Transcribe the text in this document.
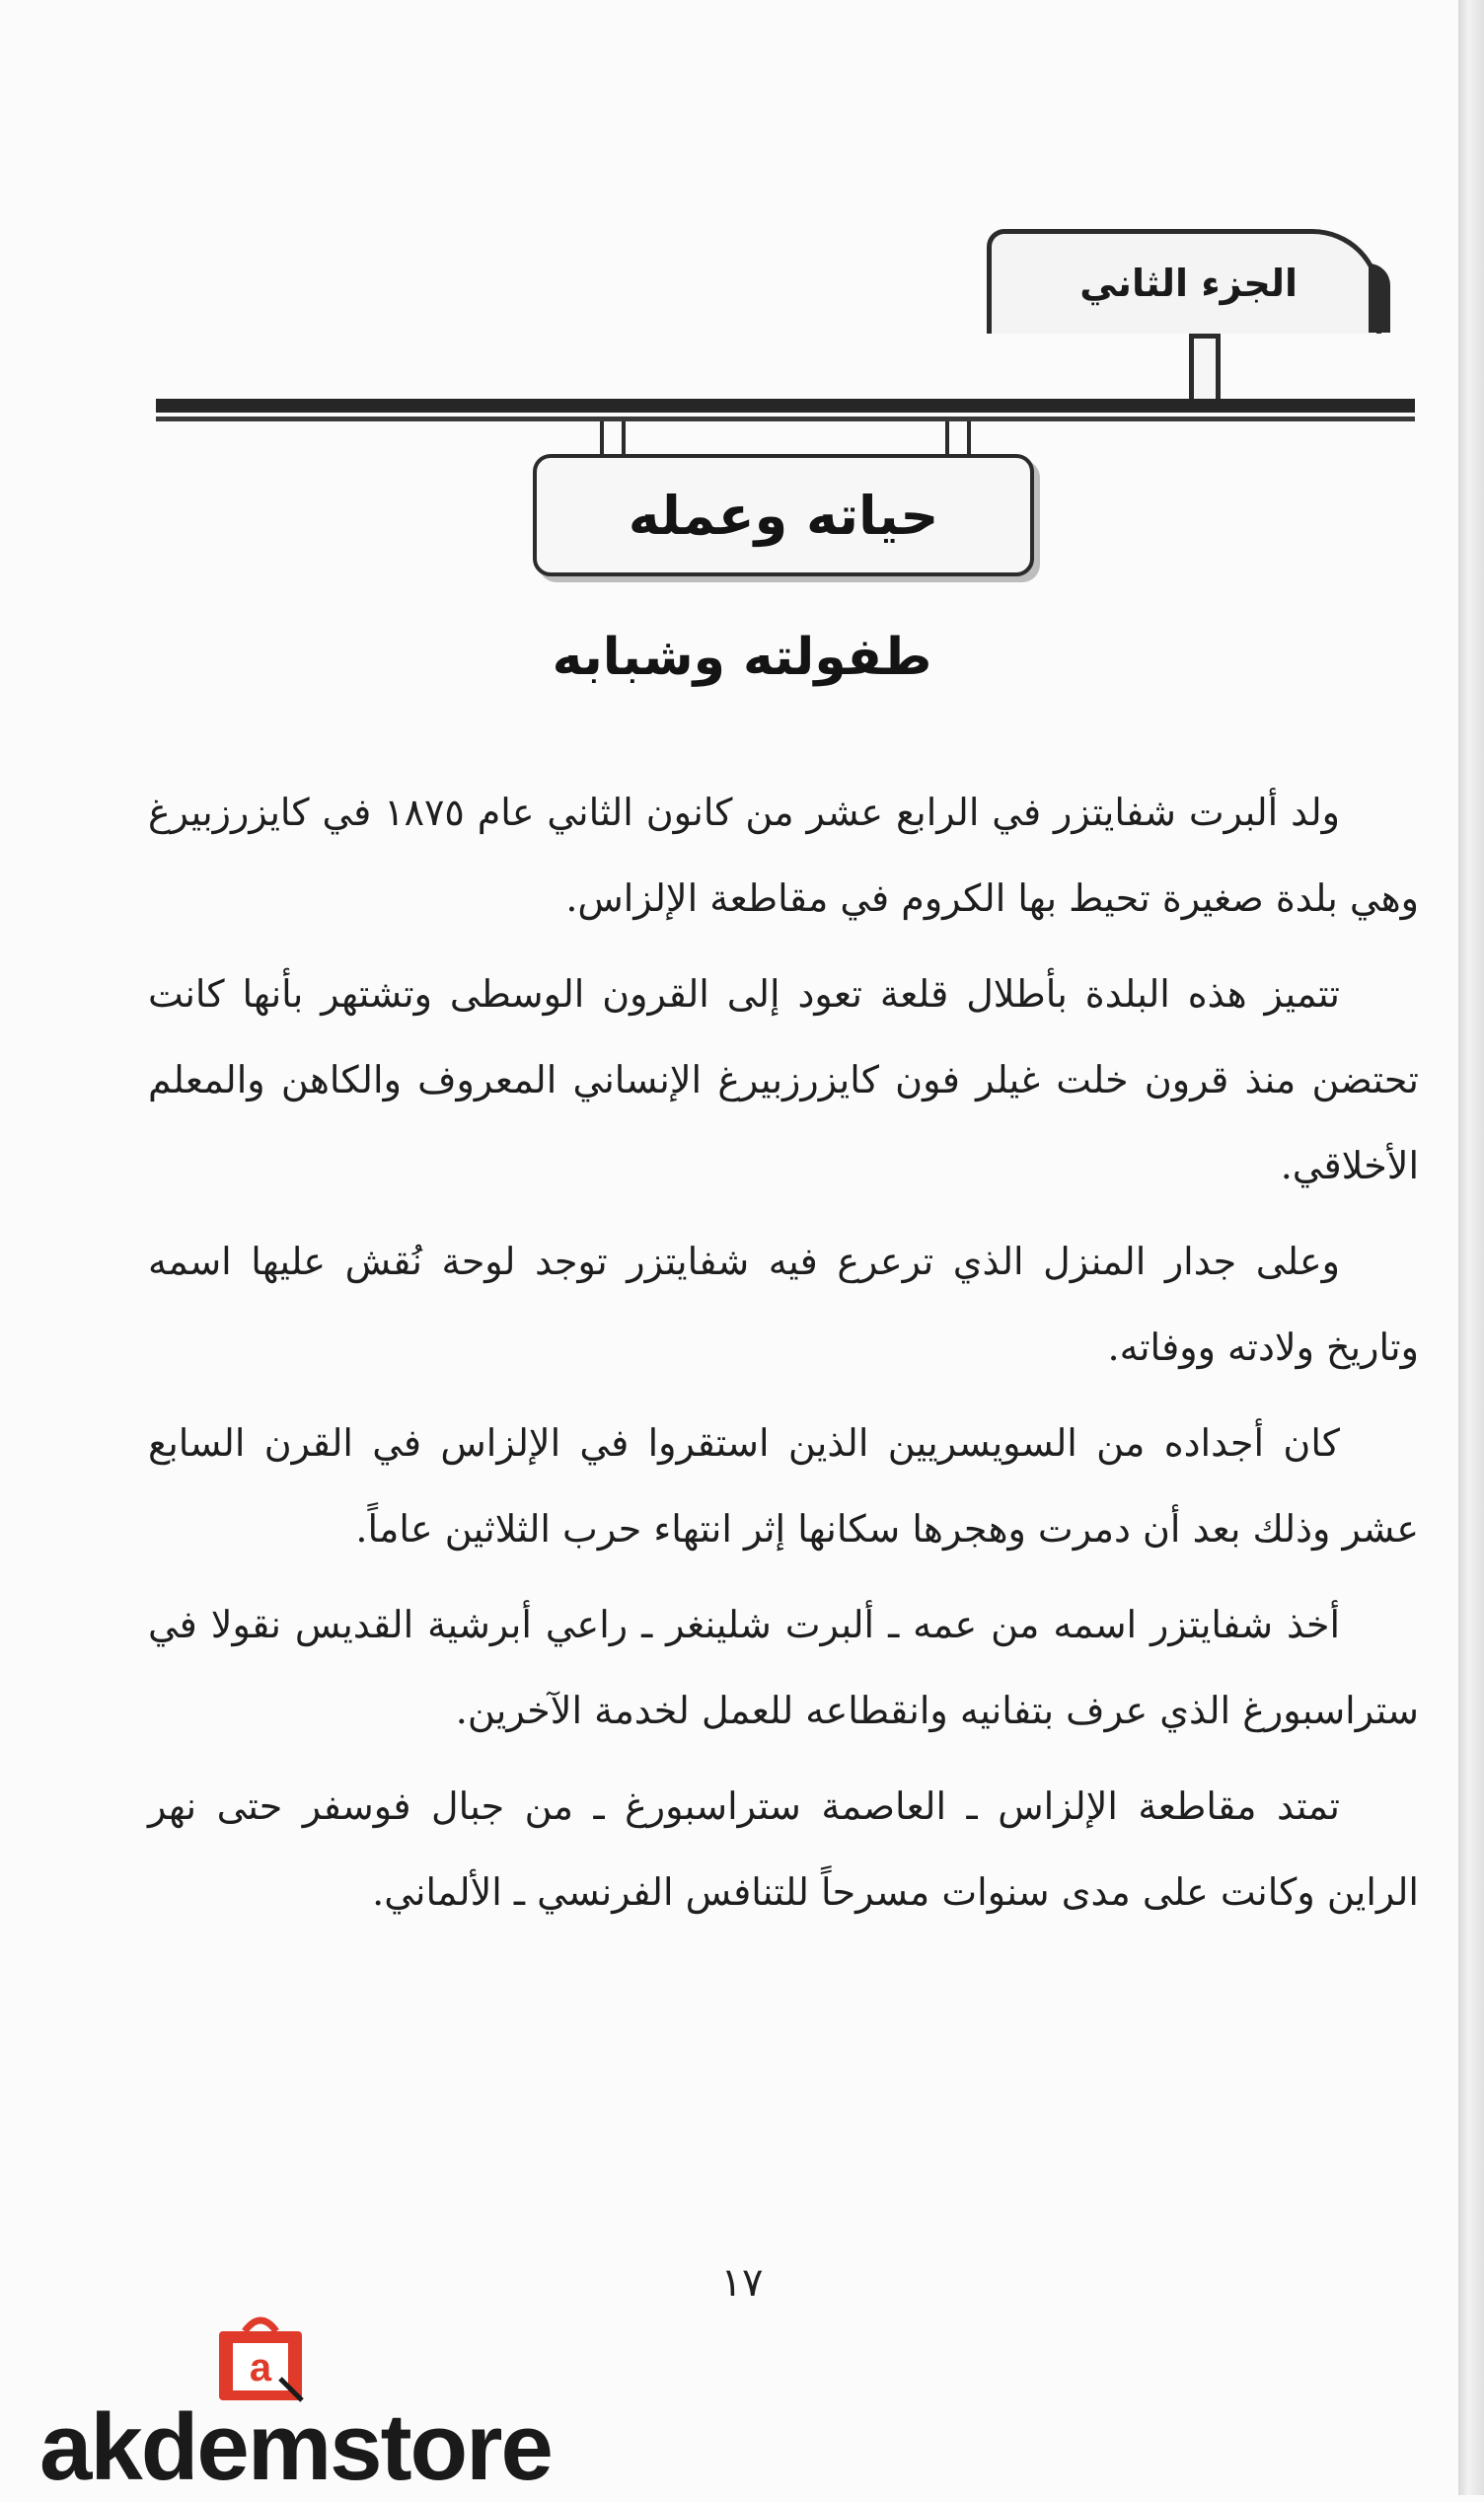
الجزء الثاني
حياته وعمله
طفولته وشبابه

ولد ألبرت شفايتزر في الرابع عشر من كانون الثاني عام ١٨٧٥ في كايزرزبيرغ وهي بلدة صغيرة تحيط بها الكروم في مقاطعة الإلزاس.

تتميز هذه البلدة بأطلال قلعة تعود إلى القرون الوسطى وتشتهر بأنها كانت تحتضن منذ قرون خلت غيلر فون كايزرزبيرغ الإنساني المعروف والكاهن والمعلم الأخلاقي.

وعلى جدار المنزل الذي ترعرع فيه شفايتزر توجد لوحة نُقش عليها اسمه وتاريخ ولادته ووفاته.

كان أجداده من السويسريين الذين استقروا في الإلزاس في القرن السابع عشر وذلك بعد أن دمرت وهجرها سكانها إثر انتهاء حرب الثلاثين عاماً.

أخذ شفايتزر اسمه من عمه ـ ألبرت شلينغر ـ راعي أبرشية القديس نقولا في ستراسبورغ الذي عرف بتفانيه وانقطاعه للعمل لخدمة الآخرين.

تمتد مقاطعة الإلزاس ـ العاصمة ستراسبورغ ـ من جبال فوسفر حتى نهر الراين وكانت على مدى سنوات مسرحاً للتنافس الفرنسي ـ الألماني.

١٧
a
akdemstore
